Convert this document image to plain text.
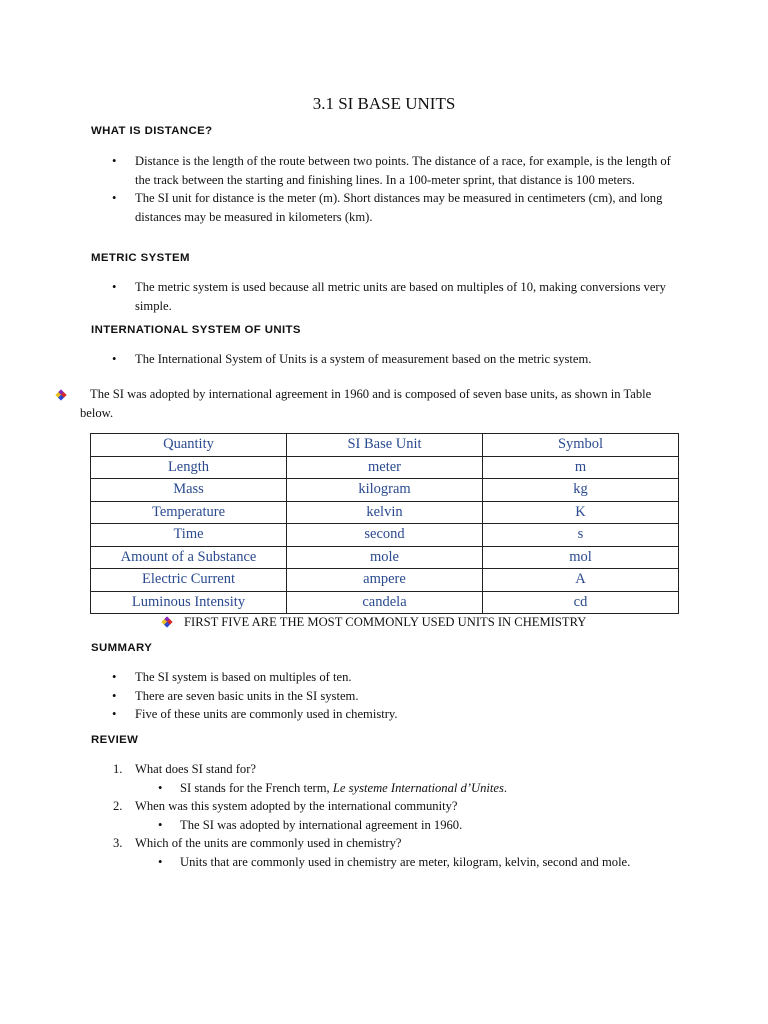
3.1 SI BASE UNITS
WHAT IS DISTANCE?
• Distance is the length of the route between two points. The distance of a race, for example, is the length of the track between the starting and finishing lines. In a 100-meter sprint, that distance is 100 meters.
• The SI unit for distance is the meter (m). Short distances may be measured in centimeters (cm), and long distances may be measured in kilometers (km).
METRIC SYSTEM
• The metric system is used because all metric units are based on multiples of 10, making conversions very simple.
INTERNATIONAL SYSTEM OF UNITS
• The International System of Units is a system of measurement based on the metric system.
The SI was adopted by international agreement in 1960 and is composed of seven base units, as shown in Table below.
Quantity	SI Base Unit	Symbol
Length	meter	m
Mass	kilogram	kg
Temperature	kelvin	K
Time	second	s
Amount of a Substance	mole	mol
Electric Current	ampere	A
Luminous Intensity	candela	cd
FIRST FIVE ARE THE MOST COMMONLY USED UNITS IN CHEMISTRY
SUMMARY
• The SI system is based on multiples of ten.
• There are seven basic units in the SI system.
• Five of these units are commonly used in chemistry.
REVIEW
1. What does SI stand for?
• SI stands for the French term, Le systeme International d’Unites.
2. When was this system adopted by the international community?
• The SI was adopted by international agreement in 1960.
3. Which of the units are commonly used in chemistry?
• Units that are commonly used in chemistry are meter, kilogram, kelvin, second and mole.
